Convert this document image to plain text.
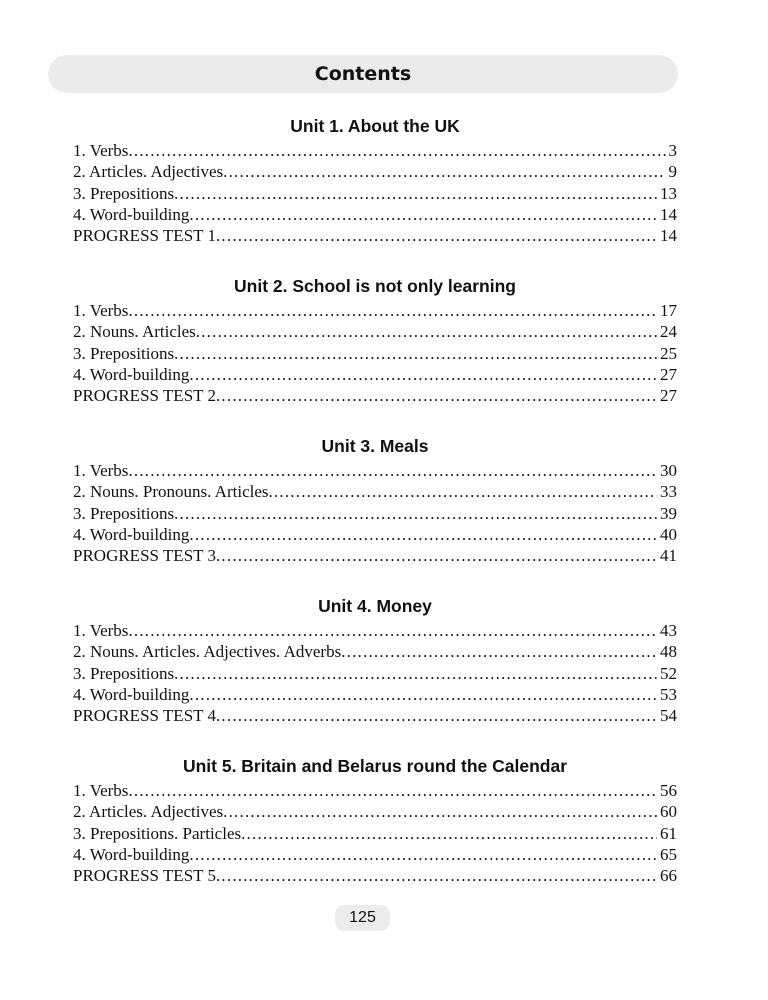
Contents
Unit 1. About the UK
1. Verbs .....	3
2. Articles. Adjectives .....	9
3. Prepositions .....	13
4. Word-building .....	14
PROGRESS TEST 1 .....	14
Unit 2. School is not only learning
1. Verbs .....	17
2. Nouns. Articles .....	24
3. Prepositions .....	25
4. Word-building .....	27
PROGRESS TEST 2 .....	27
Unit 3. Meals
1. Verbs .....	30
2. Nouns. Pronouns. Articles .....	33
3. Prepositions .....	39
4. Word-building .....	40
PROGRESS TEST 3 .....	41
Unit 4. Money
1. Verbs .....	43
2. Nouns. Articles. Adjectives. Adverbs .....	48
3. Prepositions .....	52
4. Word-building .....	53
PROGRESS TEST 4 .....	54
Unit 5. Britain and Belarus round the Calendar
1. Verbs .....	56
2. Articles. Adjectives .....	60
3. Prepositions. Particles .....	61
4. Word-building .....	65
PROGRESS TEST 5 .....	66
125
